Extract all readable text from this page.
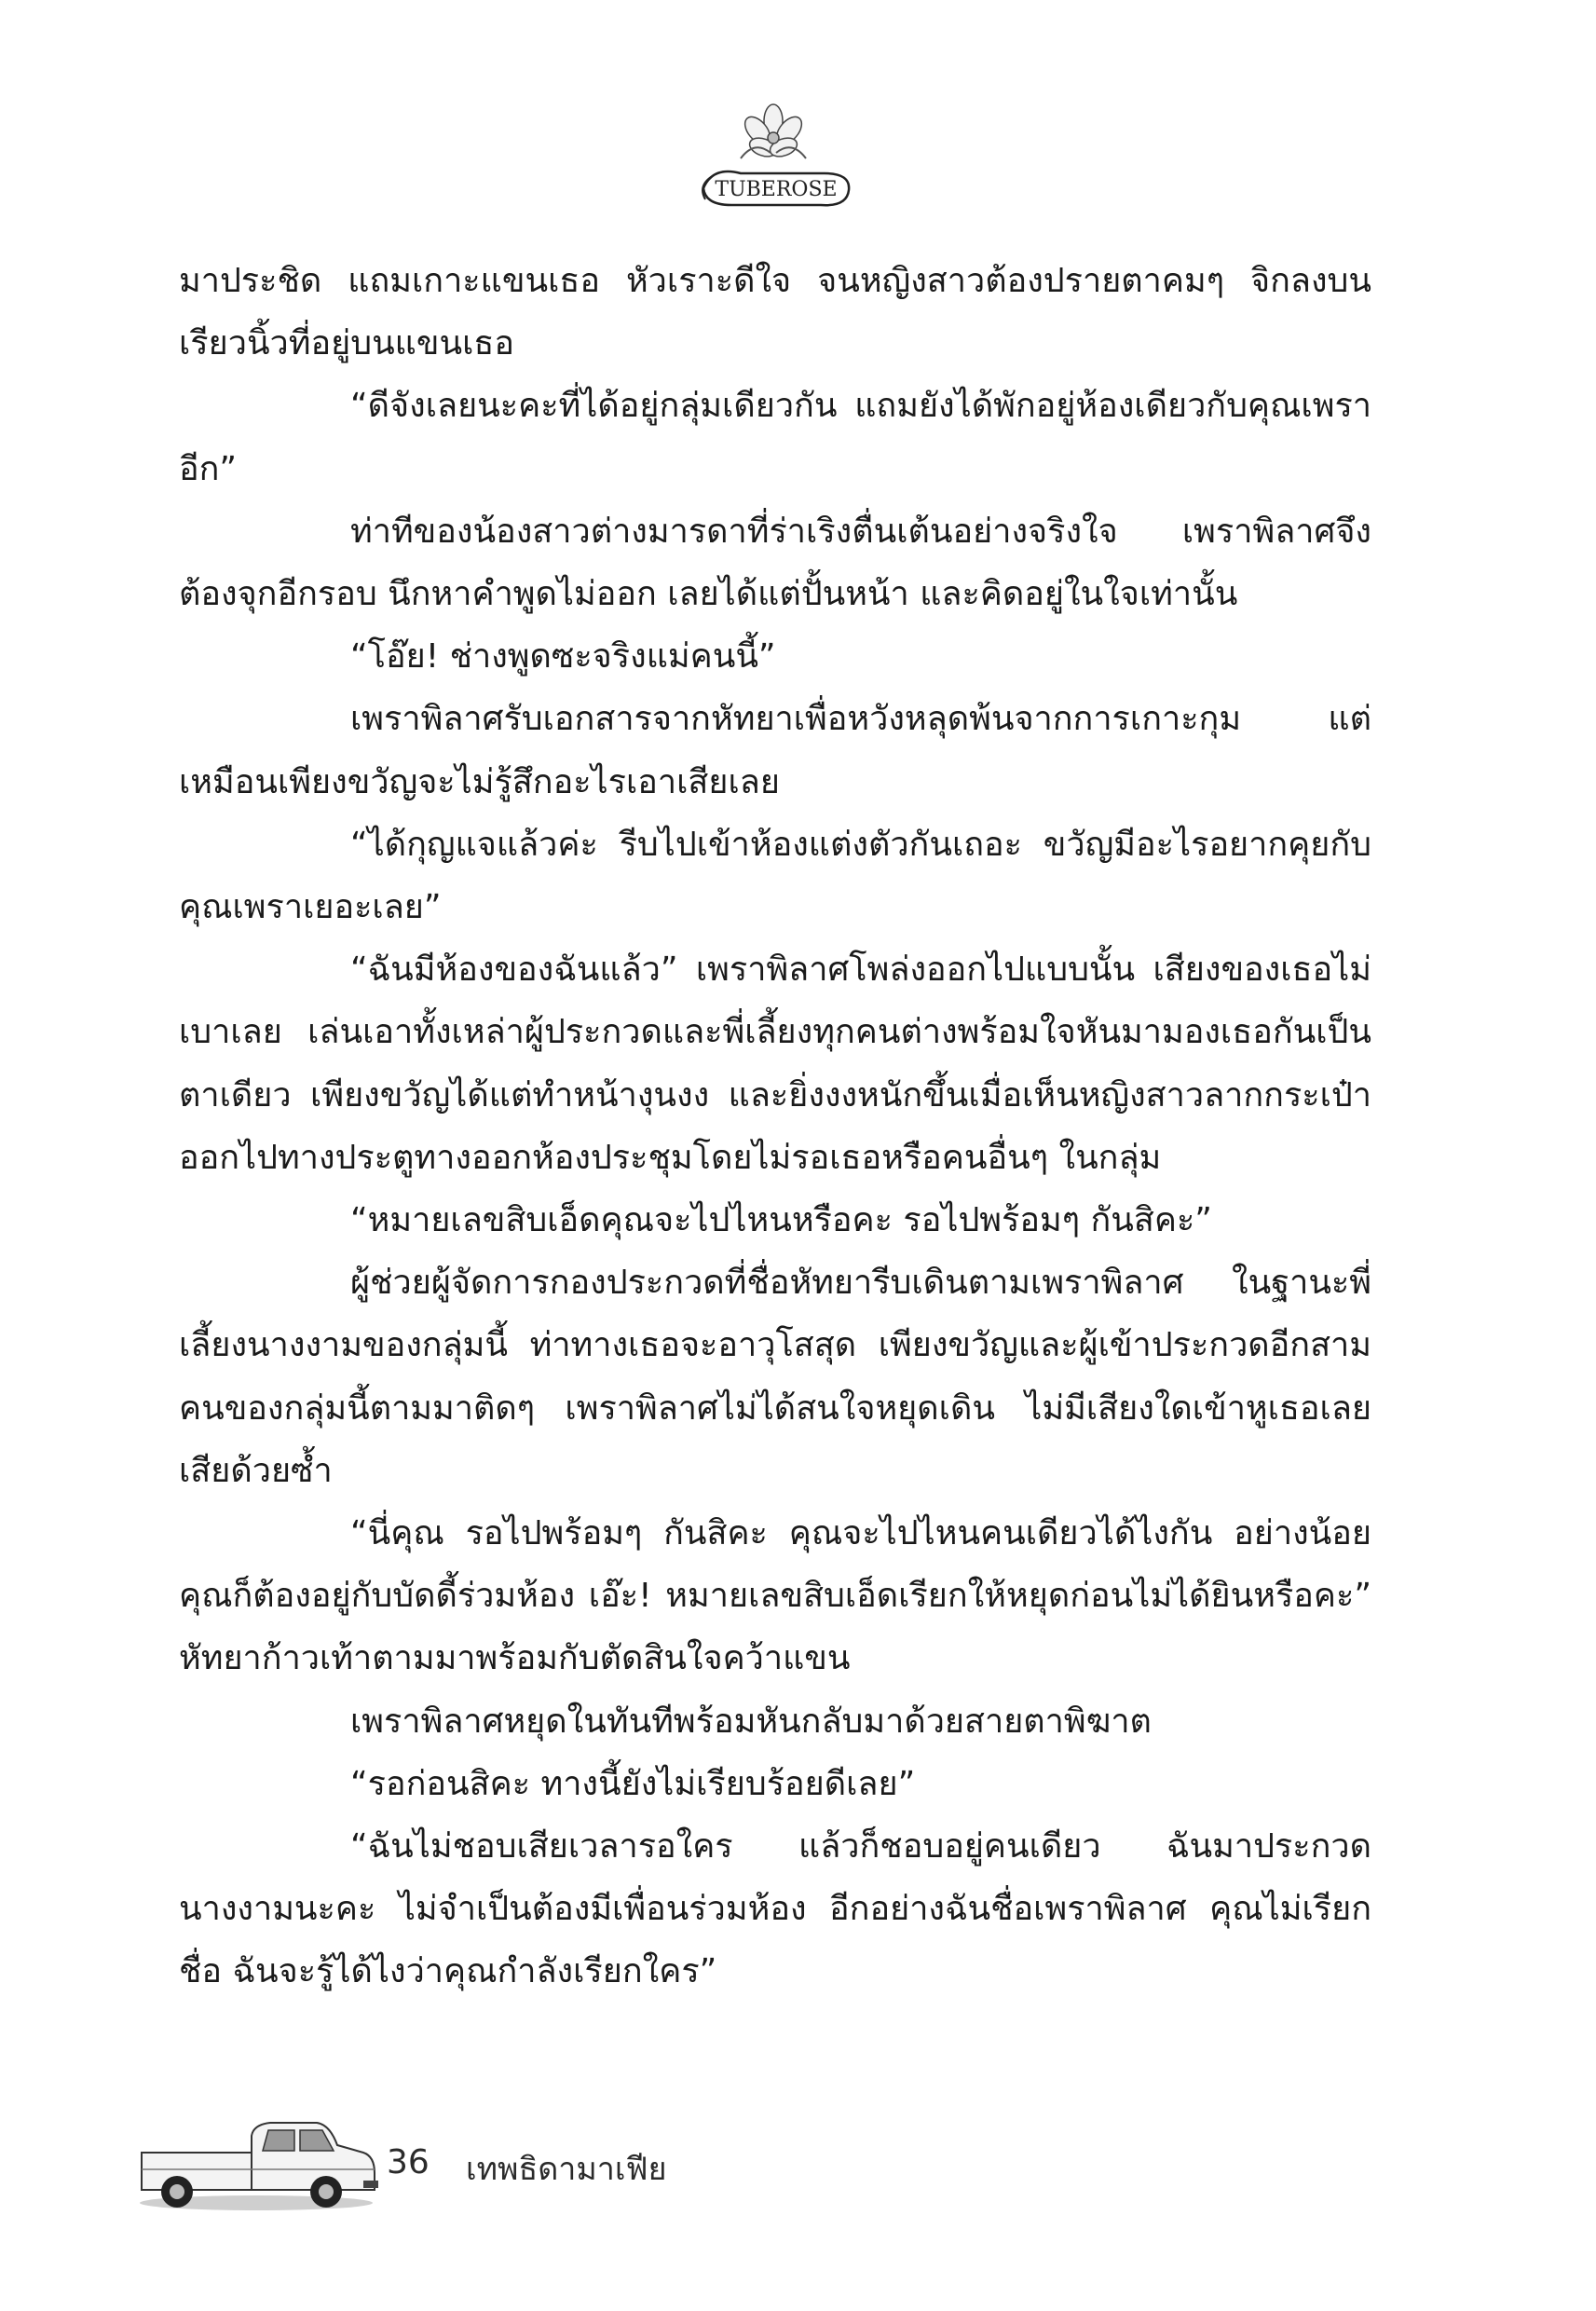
TUBEROSE

มาประชิด แถมเกาะแขนเธอ หัวเราะดีใจ จนหญิงสาวต้องปรายตาคมๆ จิกลงบนเรียวนิ้วที่อยู่บนแขนเธอ

“ดีจังเลยนะคะที่ได้อยู่กลุ่มเดียวกัน แถมยังได้พักอยู่ห้องเดียวกับคุณเพราอีก”

ท่าทีของน้องสาวต่างมารดาที่ร่าเริงตื่นเต้นอย่างจริงใจ เพราพิลาศจึงต้องจุกอีกรอบ นึกหาคำพูดไม่ออก เลยได้แต่ปั้นหน้า และคิดอยู่ในใจเท่านั้น

“โอ๊ย! ช่างพูดซะจริงแม่คนนี้”

เพราพิลาศรับเอกสารจากหัทยาเพื่อหวังหลุดพ้นจากการเกาะกุม แต่เหมือนเพียงขวัญจะไม่รู้สึกอะไรเอาเสียเลย

“ได้กุญแจแล้วค่ะ รีบไปเข้าห้องแต่งตัวกันเถอะ ขวัญมีอะไรอยากคุยกับคุณเพราเยอะเลย”

“ฉันมีห้องของฉันแล้ว” เพราพิลาศโพล่งออกไปแบบนั้น เสียงของเธอไม่เบาเลย เล่นเอาทั้งเหล่าผู้ประกวดและพี่เลี้ยงทุกคนต่างพร้อมใจหันมามองเธอกันเป็นตาเดียว เพียงขวัญได้แต่ทำหน้างุนงง และยิ่งงงหนักขึ้นเมื่อเห็นหญิงสาวลากกระเป๋าออกไปทางประตูทางออกห้องประชุมโดยไม่รอเธอหรือคนอื่นๆ ในกลุ่ม

“หมายเลขสิบเอ็ดคุณจะไปไหนหรือคะ รอไปพร้อมๆ กันสิคะ”

ผู้ช่วยผู้จัดการกองประกวดที่ชื่อหัทยารีบเดินตามเพราพิลาศ ในฐานะพี่เลี้ยงนางงามของกลุ่มนี้ ท่าทางเธอจะอาวุโสสุด เพียงขวัญและผู้เข้าประกวดอีกสามคนของกลุ่มนี้ตามมาติดๆ เพราพิลาศไม่ได้สนใจหยุดเดิน ไม่มีเสียงใดเข้าหูเธอเลยเสียด้วยซ้ำ

“นี่คุณ รอไปพร้อมๆ กันสิคะ คุณจะไปไหนคนเดียวได้ไงกัน อย่างน้อยคุณก็ต้องอยู่กับบัดดี้ร่วมห้อง เอ๊ะ! หมายเลขสิบเอ็ดเรียกให้หยุดก่อนไม่ได้ยินหรือคะ” หัทยาก้าวเท้าตามมาพร้อมกับตัดสินใจคว้าแขน

เพราพิลาศหยุดในทันทีพร้อมหันกลับมาด้วยสายตาพิฆาต

“รอก่อนสิคะ ทางนี้ยังไม่เรียบร้อยดีเลย”

“ฉันไม่ชอบเสียเวลารอใคร แล้วก็ชอบอยู่คนเดียว ฉันมาประกวดนางงามนะคะ ไม่จำเป็นต้องมีเพื่อนร่วมห้อง อีกอย่างฉันชื่อเพราพิลาศ คุณไม่เรียกชื่อ ฉันจะรู้ได้ไงว่าคุณกำลังเรียกใคร”

36 เทพธิดามาเฟีย
